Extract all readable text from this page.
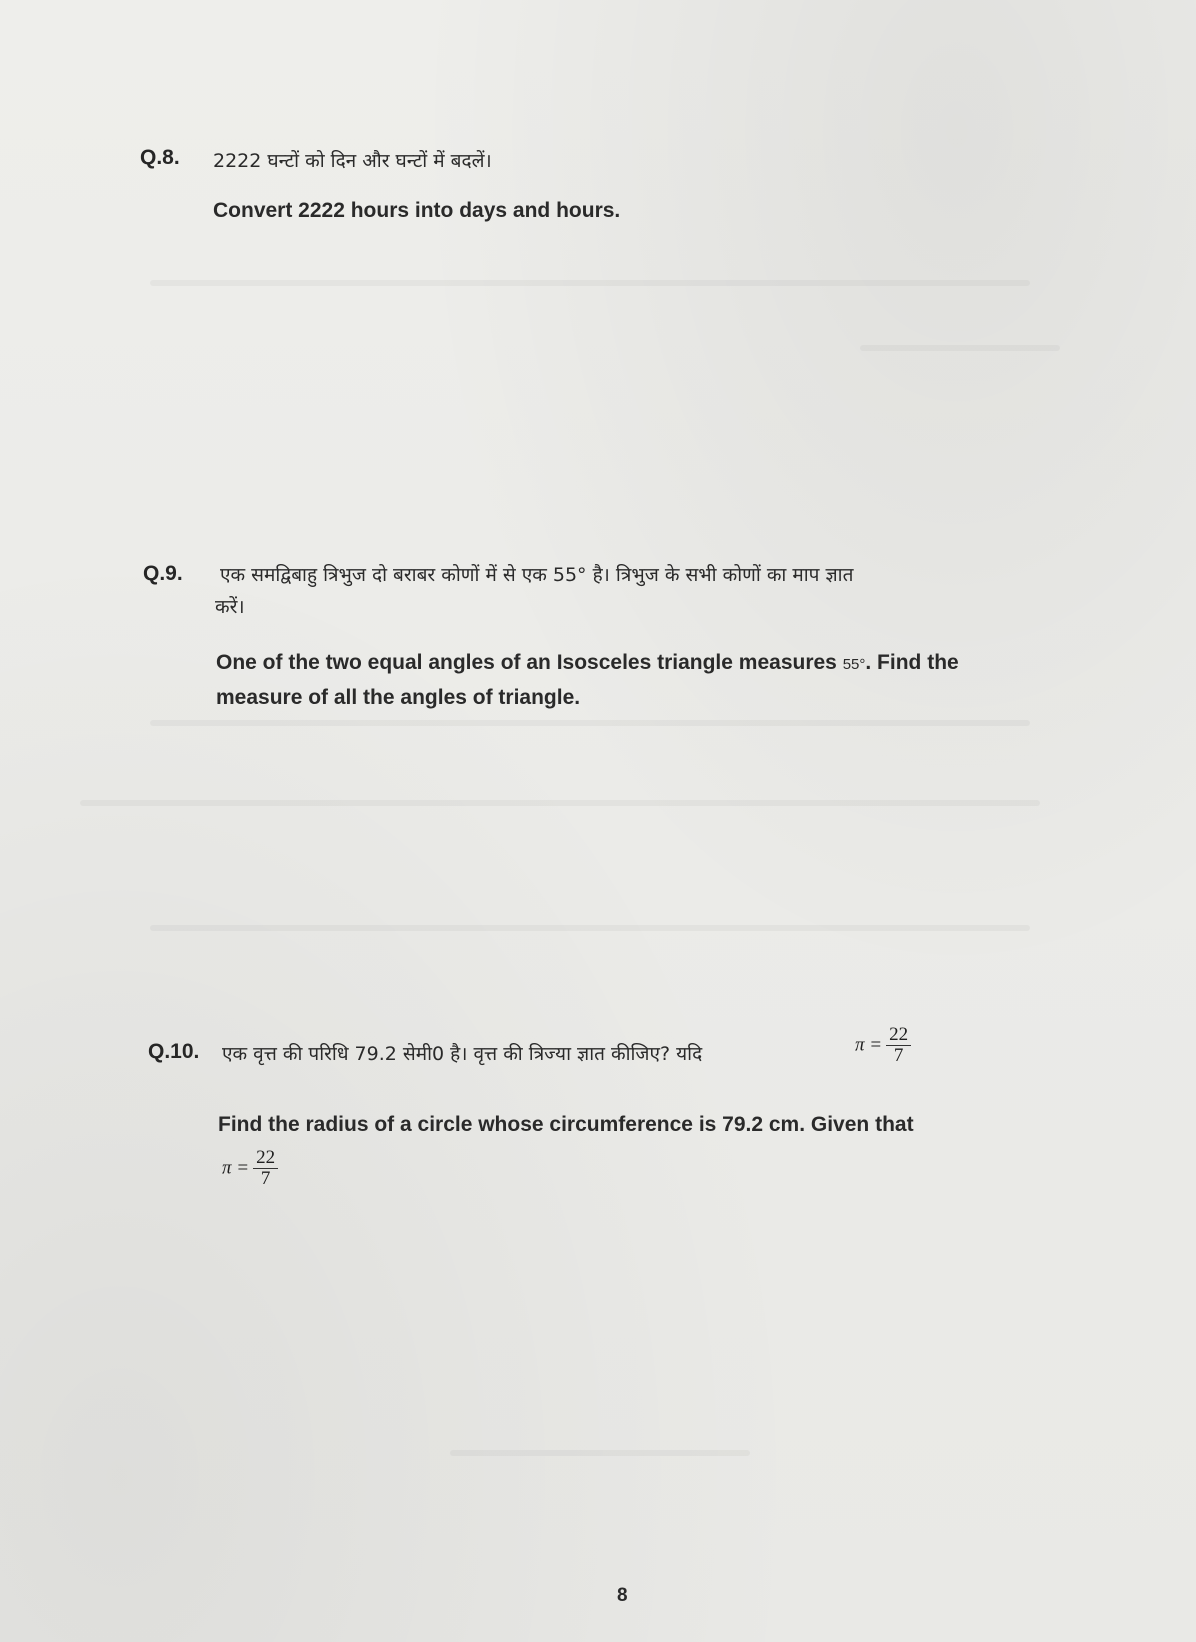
Q.8. 2222 घन्टों को दिन और घन्टों में बदलें।
Convert 2222 hours into days and hours.
Q.9. एक समद्विबाहु त्रिभुज दो बराबर कोणों में से एक 55° है। त्रिभुज के सभी कोणों का माप ज्ञात
करें।
One of the two equal angles of an Isosceles triangle measures 55°. Find the
measure of all the angles of triangle.
Q.10. एक वृत्त की परिधि 79.2 सेमी0 है। वृत्त की त्रिज्या ज्ञात कीजिए? यदि	$\pi = \frac{22}{7}$
Find the radius of a circle whose circumference is 79.2 cm. Given that
$\pi = \frac{22}{7}$
8
